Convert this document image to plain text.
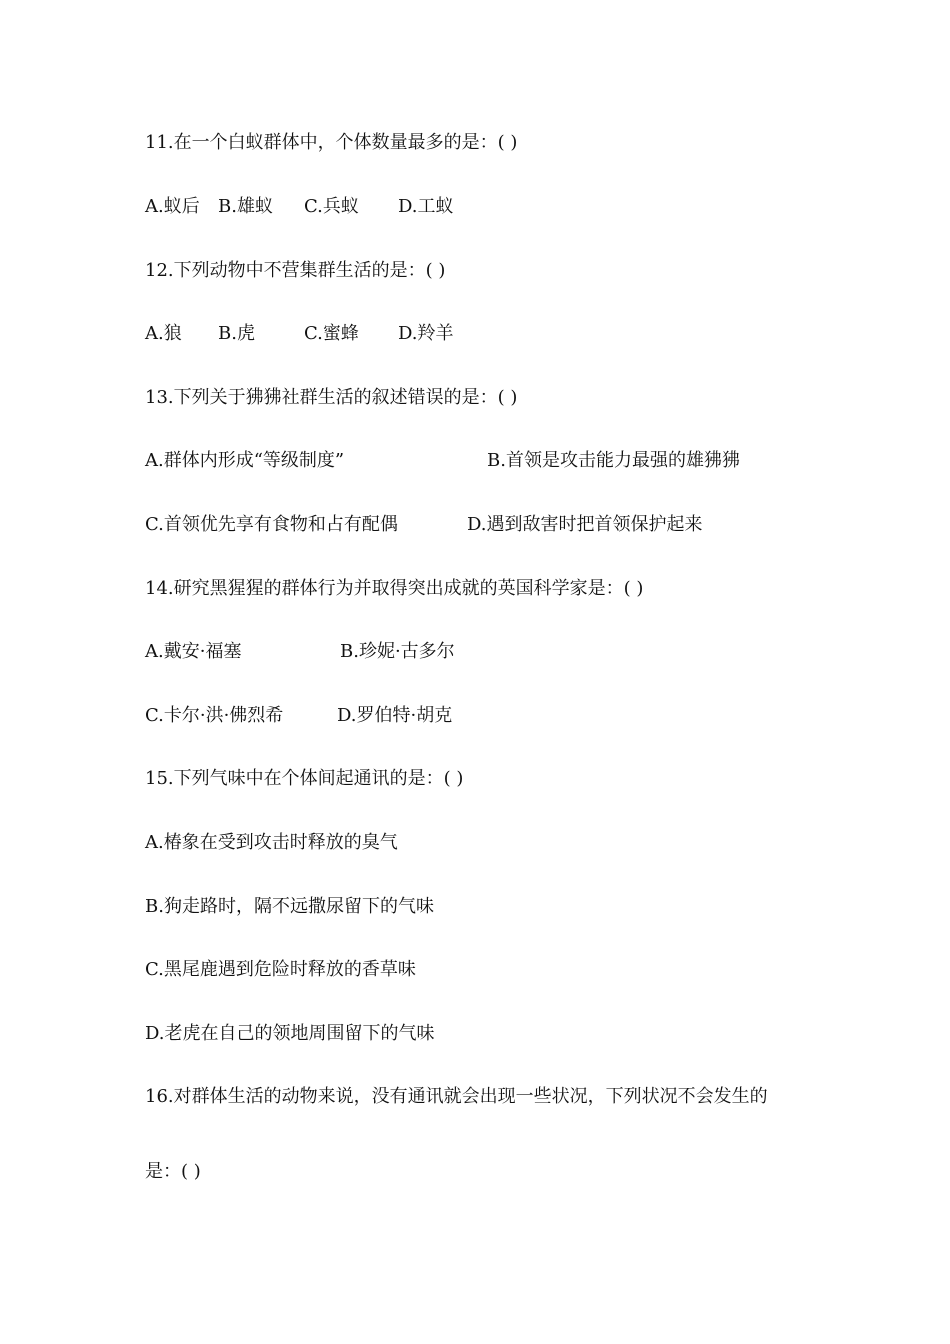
11.在一个白蚁群体中，个体数量最多的是：( )
A.蚁后 B.雄蚁 C.兵蚁 D.工蚁
12.下列动物中不营集群生活的是：( )
A.狼 B.虎	C.蜜蜂 D.羚羊
13.下列关于狒狒社群生活的叙述错误的是：( )
A.群体内形成“等级制度”	B.首领是攻击能力最强的雄狒狒
C.首领优先享有食物和占有配偶	D.遇到敌害时把首领保护起来
14.研究黑猩猩的群体行为并取得突出成就的英国科学家是：( )
A.戴安·福塞	B.珍妮·古多尔
C.卡尔·洪·佛烈希	D.罗伯特·胡克
15.下列气味中在个体间起通讯的是：( )
A.椿象在受到攻击时释放的臭气
B.狗走路时，隔不远撒尿留下的气味
C.黑尾鹿遇到危险时释放的香草味
D.老虎在自己的领地周围留下的气味
16.对群体生活的动物来说，没有通讯就会出现一些状况，下列状况不会发生的
是：( )
